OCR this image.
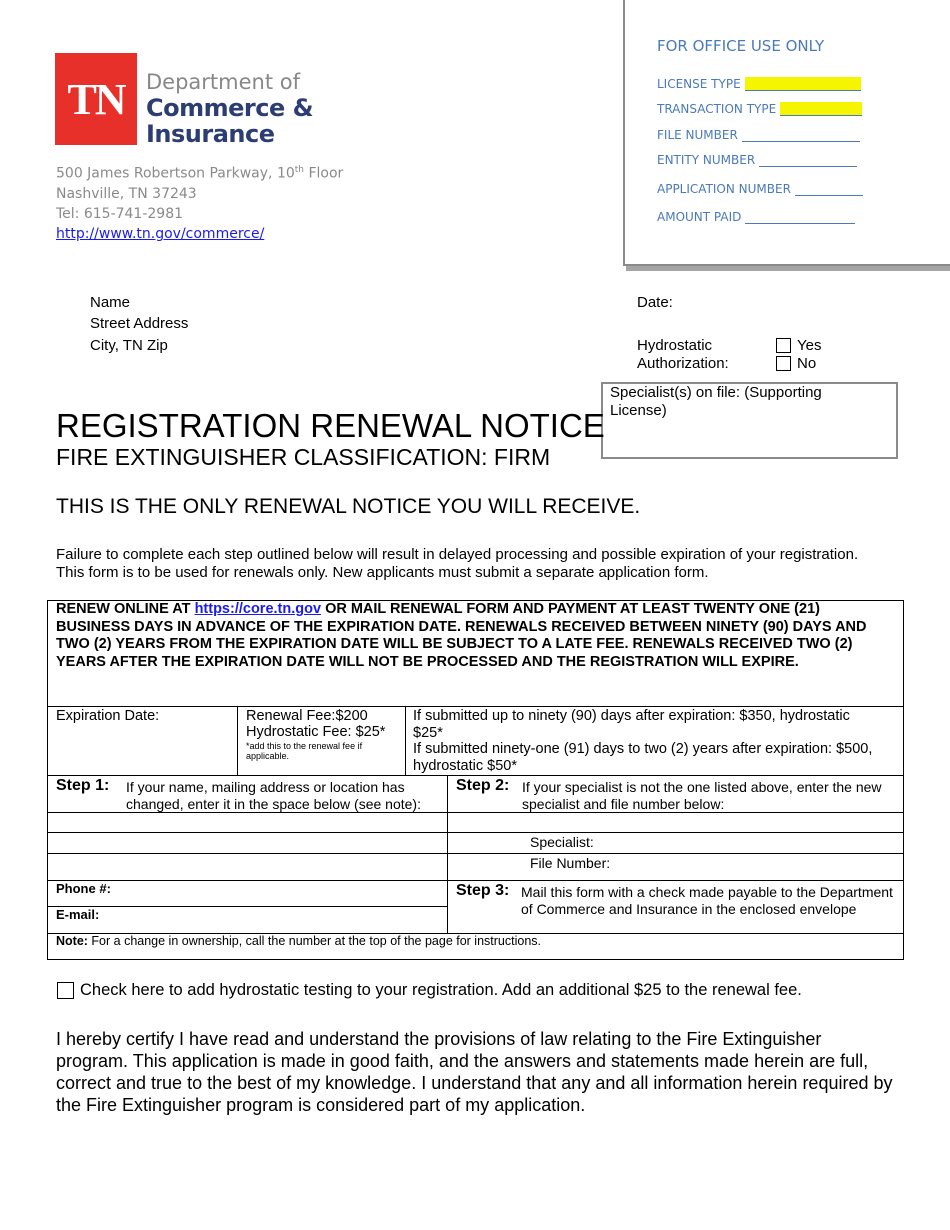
TN	Department of
Commerce &
Insurance
500 James Robertson Parkway, 10th Floor
Nashville, TN 37243
Tel: 615-741-2981
http://www.tn.gov/commerce/
FOR OFFICE USE ONLY
LICENSE TYPE
TRANSACTION TYPE
FILE NUMBER
ENTITY NUMBER
APPLICATION NUMBER
AMOUNT PAID
Name
Street Address
City, TN Zip
Date:
Hydrostatic
Authorization:
Yes
No
Specialist(s) on file: (Supporting License)
REGISTRATION RENEWAL NOTICE
FIRE EXTINGUISHER CLASSIFICATION: FIRM
THIS IS THE ONLY RENEWAL NOTICE YOU WILL RECEIVE.
Failure to complete each step outlined below will result in delayed processing and possible expiration of your registration.
This form is to be used for renewals only. New applicants must submit a separate application form.
RENEW ONLINE AT https://core.tn.gov OR MAIL RENEWAL FORM AND PAYMENT AT LEAST TWENTY ONE (21) BUSINESS DAYS IN ADVANCE OF THE EXPIRATION DATE. RENEWALS RECEIVED BETWEEN NINETY (90) DAYS AND TWO (2) YEARS FROM THE EXPIRATION DATE WILL BE SUBJECT TO A LATE FEE. RENEWALS RECEIVED TWO (2) YEARS AFTER THE EXPIRATION DATE WILL NOT BE PROCESSED AND THE REGISTRATION WILL EXPIRE.
Expiration Date:	Renewal Fee:$200
Hydrostatic Fee: $25*
*add this to the renewal fee if applicable.
If submitted up to ninety (90) days after expiration: $350, hydrostatic $25*
If submitted ninety-one (91) days to two (2) years after expiration: $500, hydrostatic $50*
Step 1: If your name, mailing address or location has changed, enter it in the space below (see note):
Phone #:
E-mail:
Step 2: If your specialist is not the one listed above, enter the new specialist and file number below:
Specialist:
File Number:
Step 3: Mail this form with a check made payable to the Department of Commerce and Insurance in the enclosed envelope
Note: For a change in ownership, call the number at the top of the page for instructions.
Check here to add hydrostatic testing to your registration. Add an additional $25 to the renewal fee.
I hereby certify I have read and understand the provisions of law relating to the Fire Extinguisher program. This application is made in good faith, and the answers and statements made herein are full, correct and true to the best of my knowledge. I understand that any and all information herein required by the Fire Extinguisher program is considered part of my application.
